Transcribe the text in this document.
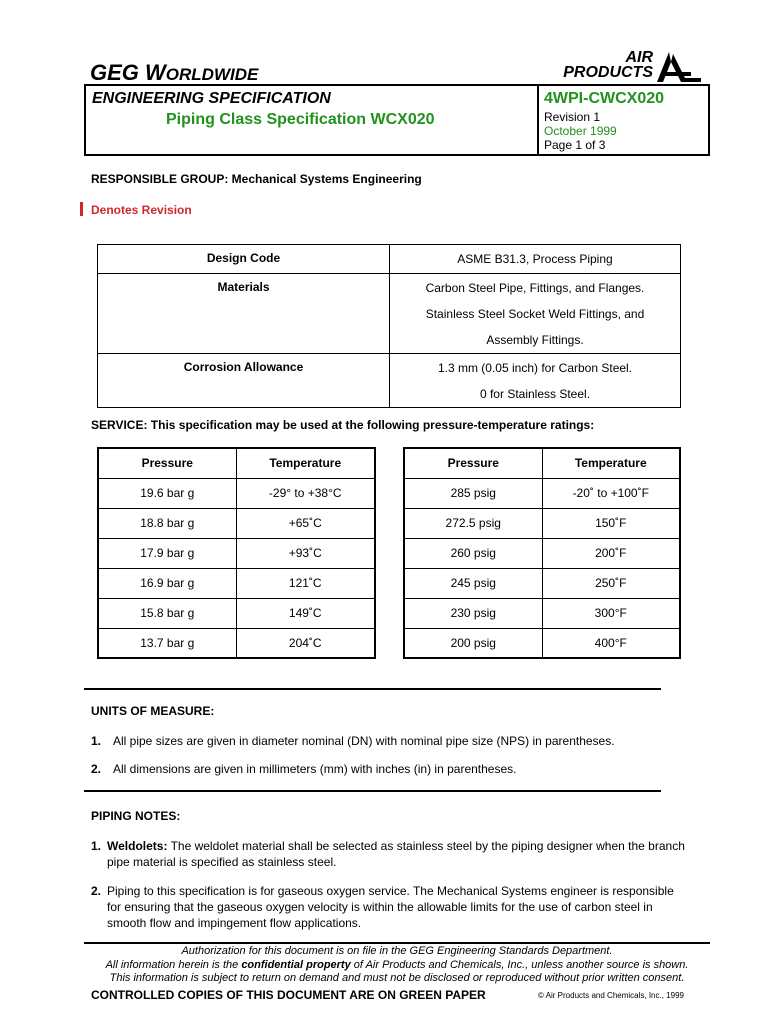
GEG WORLDWIDE
AIR
PRODUCTS
ENGINEERING SPECIFICATION
Piping Class Specification WCX020
4WPI-CWCX020
Revision 1
October 1999
Page 1 of 3
RESPONSIBLE GROUP: Mechanical Systems Engineering
Denotes Revision
Design Code	ASME B31.3, Process Piping

Materials	Carbon Steel Pipe, Fittings, and Flanges.
Stainless Steel Socket Weld Fittings, and
Assembly Fittings.

Corrosion Allowance	1.3 mm (0.05 inch) for Carbon Steel.
0 for Stainless Steel.
SERVICE: This specification may be used at the following pressure-temperature ratings:
Pressure	Temperature
19.6 bar g	-29° to +38°C
18.8 bar g	+65˚C
17.9 bar g	+93˚C
16.9 bar g	121˚C
15.8 bar g	149˚C
13.7 bar g	204˚C
Pressure	Temperature
285 psig	-20˚ to +100˚F
272.5 psig	150˚F
260 psig	200˚F
245 psig	250˚F
230 psig	300°F
200 psig	400°F
UNITS OF MEASURE:
1. All pipe sizes are given in diameter nominal (DN) with nominal pipe size (NPS) in parentheses.
2. All dimensions are given in millimeters (mm) with inches (in) in parentheses.
PIPING NOTES:
1. Weldolets: The weldolet material shall be selected as stainless steel by the piping designer when the branch pipe material is specified as stainless steel.
2. Piping to this specification is for gaseous oxygen service. The Mechanical Systems engineer is responsible for ensuring that the gaseous oxygen velocity is within the allowable limits for the use of carbon steel in smooth flow and impingement flow applications.
Authorization for this document is on file in the GEG Engineering Standards Department.
All information herein is the confidential property of Air Products and Chemicals, Inc., unless another source is shown.
This information is subject to return on demand and must not be disclosed or reproduced without prior written consent.
CONTROLLED COPIES OF THIS DOCUMENT ARE ON GREEN PAPER	© Air Products and Chemicals, Inc., 1999
